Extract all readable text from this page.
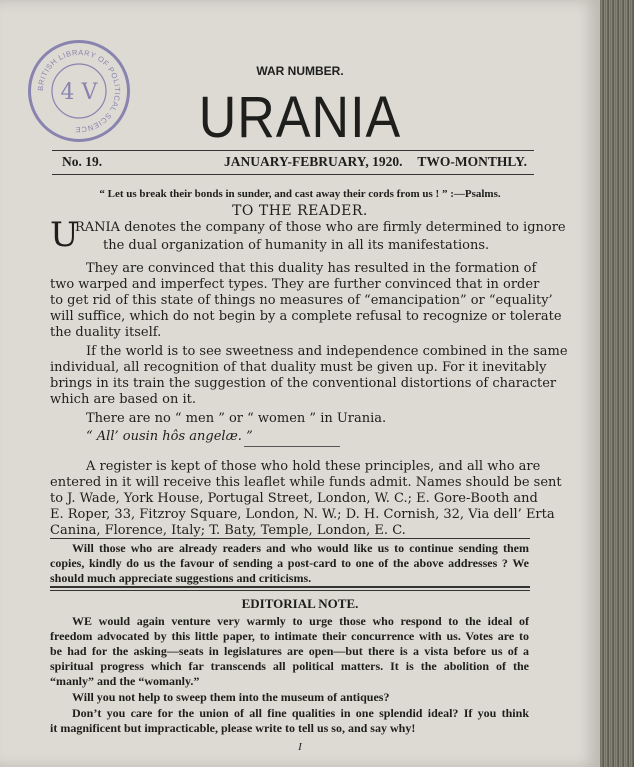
BRITISH LIBRARY OF POLITICAL SCIENCE
4 V
WAR NUMBER.
URANIA
No. 19.	JANUARY-FEBRUARY, 1920. TWO-MONTHLY.
“ Let us break their bonds in sunder, and cast away their cords from us ! ” :—Psalms.
TO THE READER.
U
RANIA denotes the company of those who are firmly determined to ignore
the dual organization of humanity in all its manifestations.
They are convinced that this duality has resulted in the formation of
two warped and imperfect types. They are further convinced that in order
to get rid of this state of things no measures of “emancipation” or “equality’
will suffice, which do not begin by a complete refusal to recognize or tolerate
the duality itself.
If the world is to see sweetness and independence combined in the same
individual, all recognition of that duality must be given up. For it inevitably
brings in its train the suggestion of the conventional distortions of character
which are based on it.
There are no “ men ” or “ women ” in Urania.
“ All’ ousin hôs angelæ. ”
A register is kept of those who hold these principles, and all who are
entered in it will receive this leaflet while funds admit. Names should be sent
to J. Wade, York House, Portugal Street, London, W. C.; E. Gore-Booth and
E. Roper, 33, Fitzroy Square, London, N. W.; D. H. Cornish, 32, Via dell’ Erta
Canina, Florence, Italy; T. Baty, Temple, London, E. C.
Will those who are already readers and who would like us to continue sending them
copies, kindly do us the favour of sending a post-card to one of the above addresses ? We
should much appreciate suggestions and criticisms.
EDITORIAL NOTE.
WE would again venture very warmly to urge those who respond to the ideal of
freedom advocated by this little paper, to intimate their concurrence with us. Votes are to
be had for the asking—seats in legislatures are open—but there is a vista before us of a
spiritual progress which far transcends all political matters. It is the abolition of the
“manly” and the “womanly.”
Will you not help to sweep them into the museum of antiques?
Don’t you care for the union of all fine qualities in one splendid ideal? If you think
it magnificent but impracticable, please write to tell us so, and say why!
I
